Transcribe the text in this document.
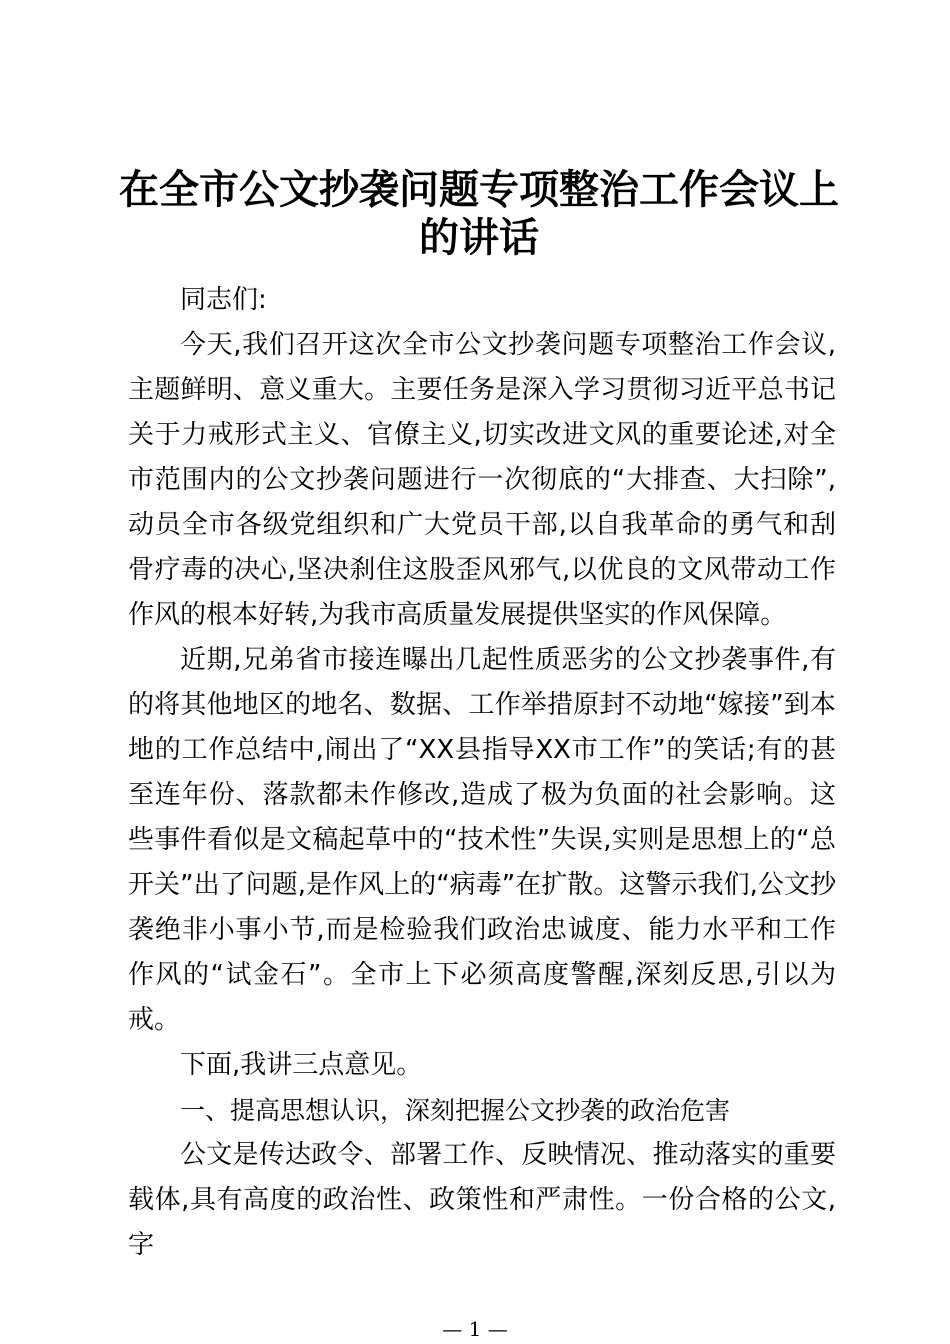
在全市公文抄袭问题专项整治工作会议上的讲话

同志们:

今天,我们召开这次全市公文抄袭问题专项整治工作会议,主题鲜明、意义重大。主要任务是深入学习贯彻习近平总书记关于力戒形式主义、官僚主义,切实改进文风的重要论述,对全市范围内的公文抄袭问题进行一次彻底的“大排查、大扫除”,动员全市各级党组织和广大党员干部,以自我革命的勇气和刮骨疗毒的决心,坚决刹住这股歪风邪气,以优良的文风带动工作作风的根本好转,为我市高质量发展提供坚实的作风保障。

近期,兄弟省市接连曝出几起性质恶劣的公文抄袭事件,有的将其他地区的地名、数据、工作举措原封不动地“嫁接”到本地的工作总结中,闹出了“XX县指导XX市工作”的笑话;有的甚至连年份、落款都未作修改,造成了极为负面的社会影响。这些事件看似是文稿起草中的“技术性”失误,实则是思想上的“总开关”出了问题,是作风上的“病毒”在扩散。这警示我们,公文抄袭绝非小事小节,而是检验我们政治忠诚度、能力水平和工作作风的“试金石”。全市上下必须高度警醒,深刻反思,引以为戒。

下面,我讲三点意见。

一、提高思想认识，深刻把握公文抄袭的政治危害

公文是传达政令、部署工作、反映情况、推动落实的重要载体,具有高度的政治性、政策性和严肃性。一份合格的公文,字

— 1 —
